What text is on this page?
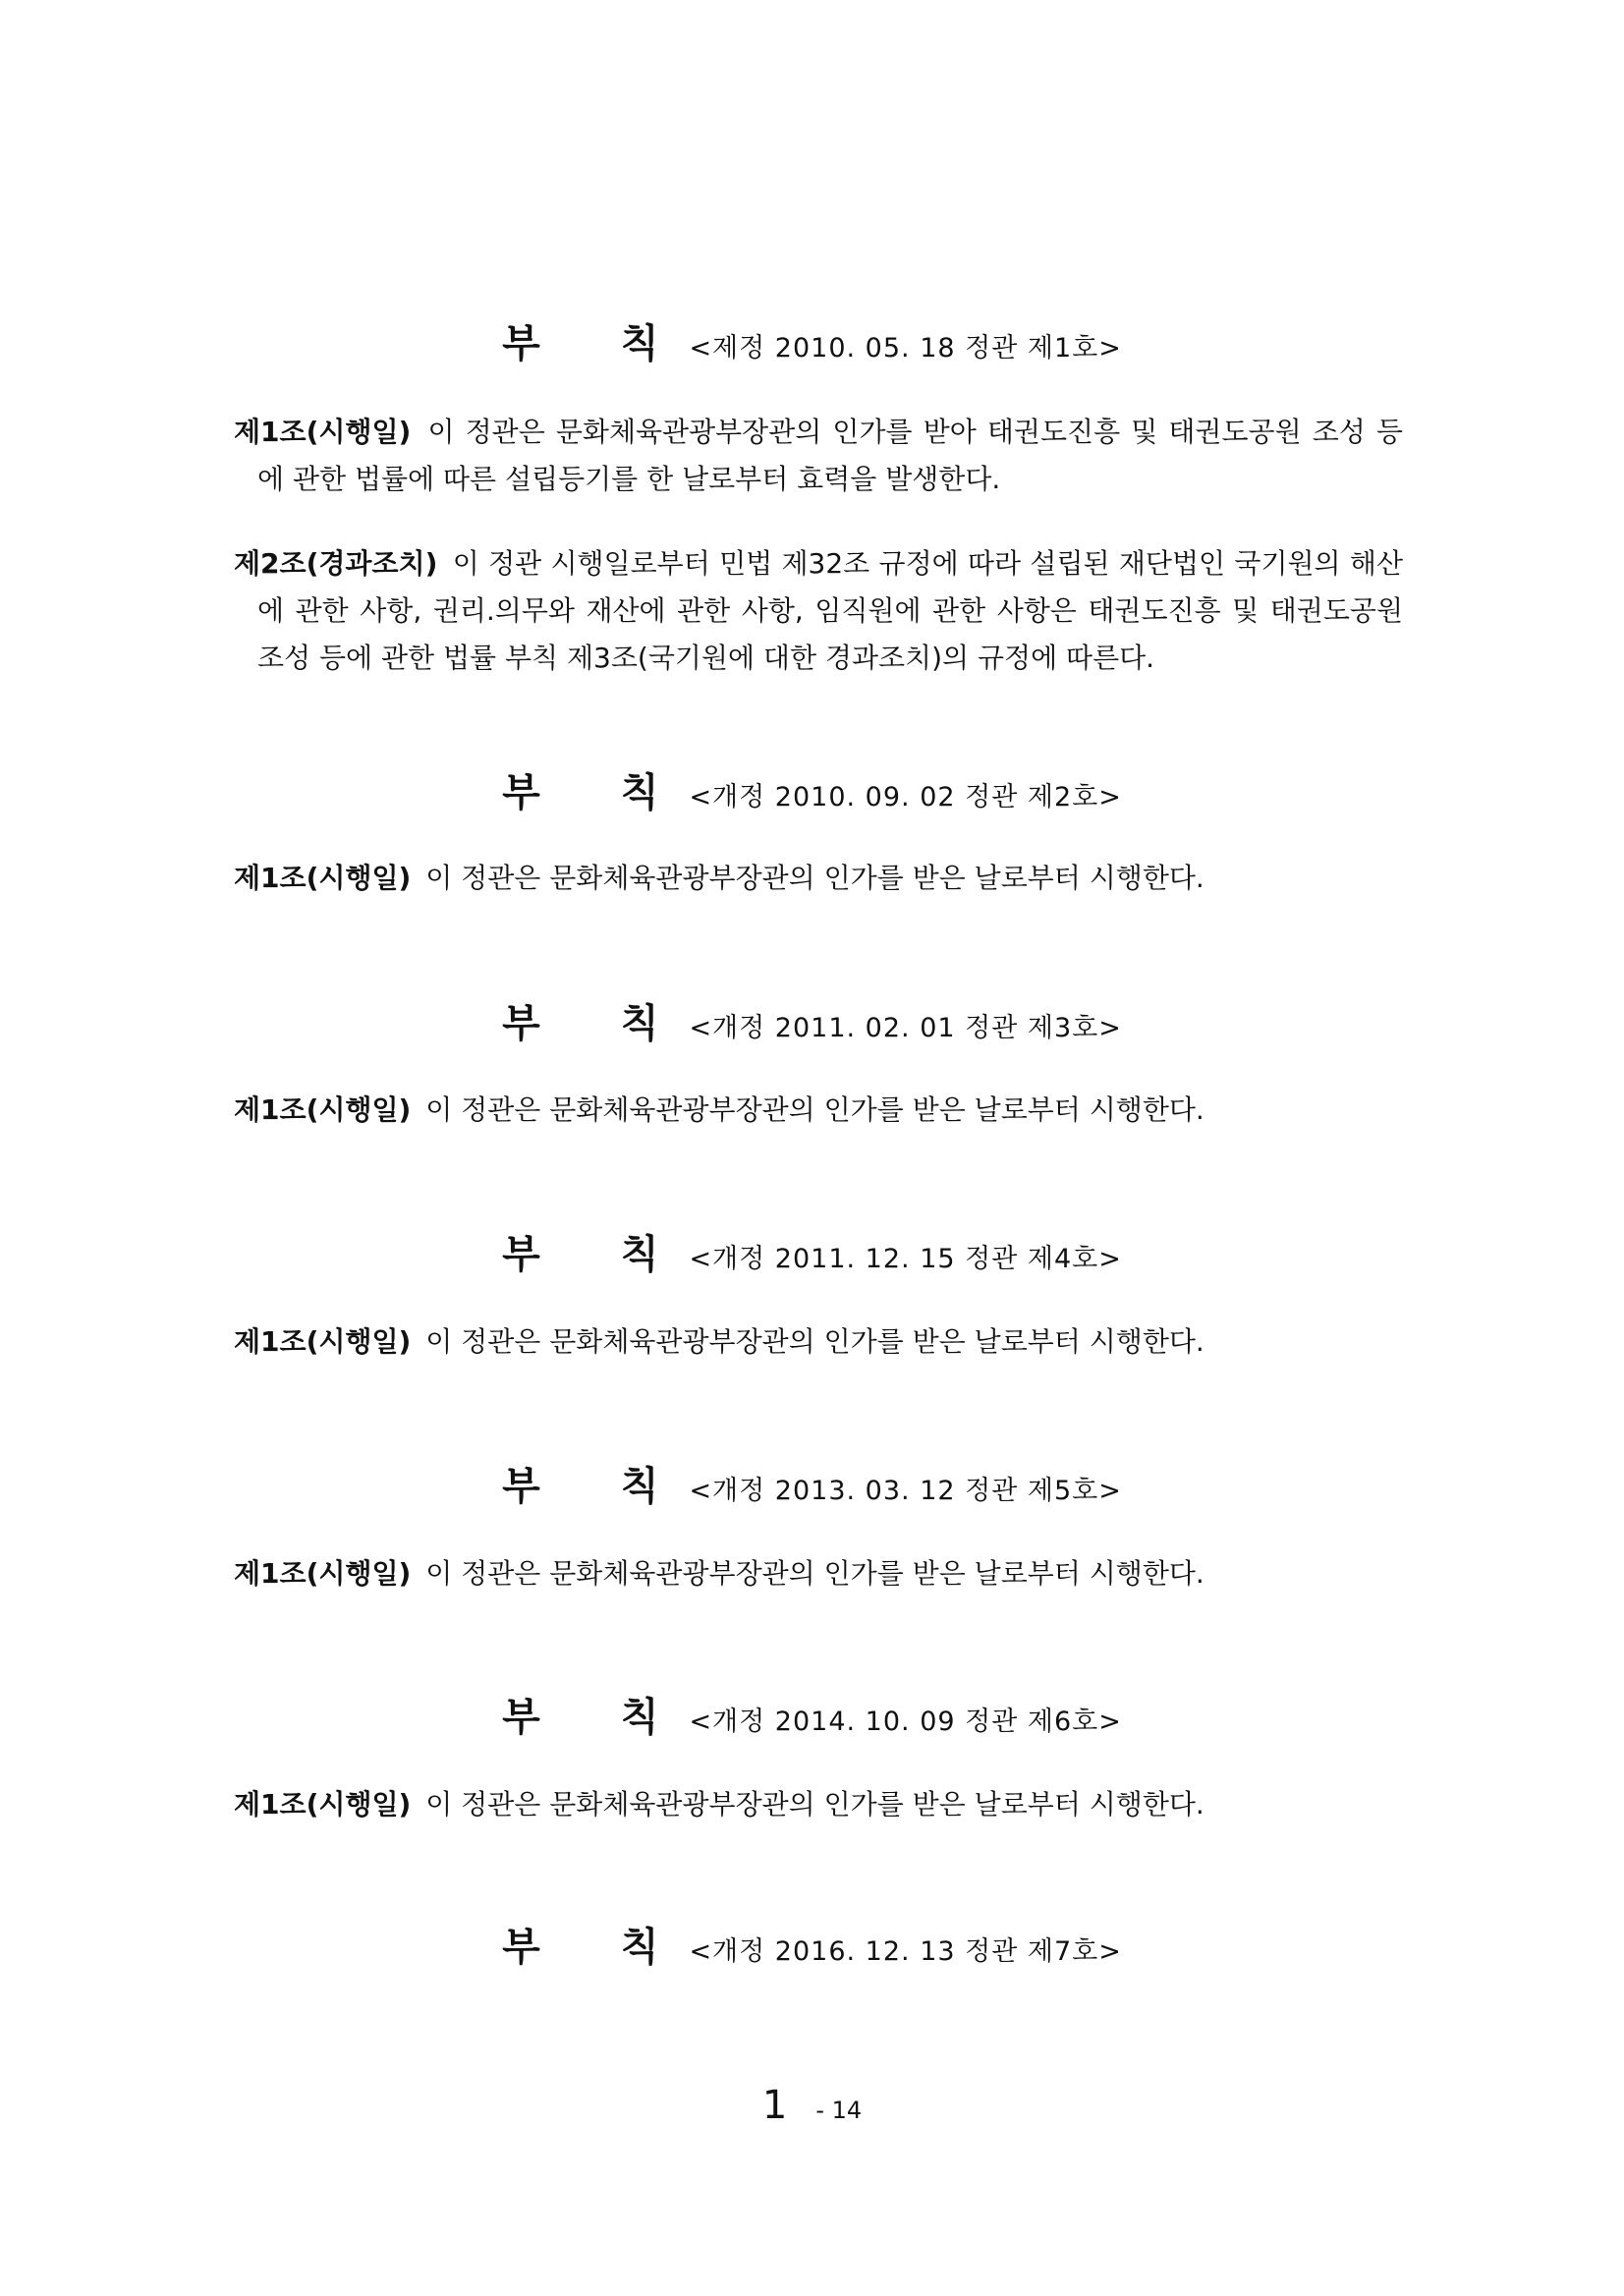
부 칙 <제정 2010. 05. 18 정관 제1호>
제1조(시행일) 이 정관은 문화체육관광부장관의 인가를 받아 태권도진흥 및 태권도공원 조성 등에 관한 법률에 따른 설립등기를 한 날로부터 효력을 발생한다.
제2조(경과조치) 이 정관 시행일로부터 민법 제32조 규정에 따라 설립된 재단법인 국기원의 해산에 관한 사항, 권리.의무와 재산에 관한 사항, 임직원에 관한 사항은 태권도진흥 및 태권도공원 조성 등에 관한 법률 부칙 제3조(국기원에 대한 경과조치)의 규정에 따른다.
부 칙 <개정 2010. 09. 02 정관 제2호>
제1조(시행일) 이 정관은 문화체육관광부장관의 인가를 받은 날로부터 시행한다.
부 칙 <개정 2011. 02. 01 정관 제3호>
제1조(시행일) 이 정관은 문화체육관광부장관의 인가를 받은 날로부터 시행한다.
부 칙 <개정 2011. 12. 15 정관 제4호>
제1조(시행일) 이 정관은 문화체육관광부장관의 인가를 받은 날로부터 시행한다.
부 칙 <개정 2013. 03. 12 정관 제5호>
제1조(시행일) 이 정관은 문화체육관광부장관의 인가를 받은 날로부터 시행한다.
부 칙 <개정 2014. 10. 09 정관 제6호>
제1조(시행일) 이 정관은 문화체육관광부장관의 인가를 받은 날로부터 시행한다.
부 칙 <개정 2016. 12. 13 정관 제7호>
1 - 14
